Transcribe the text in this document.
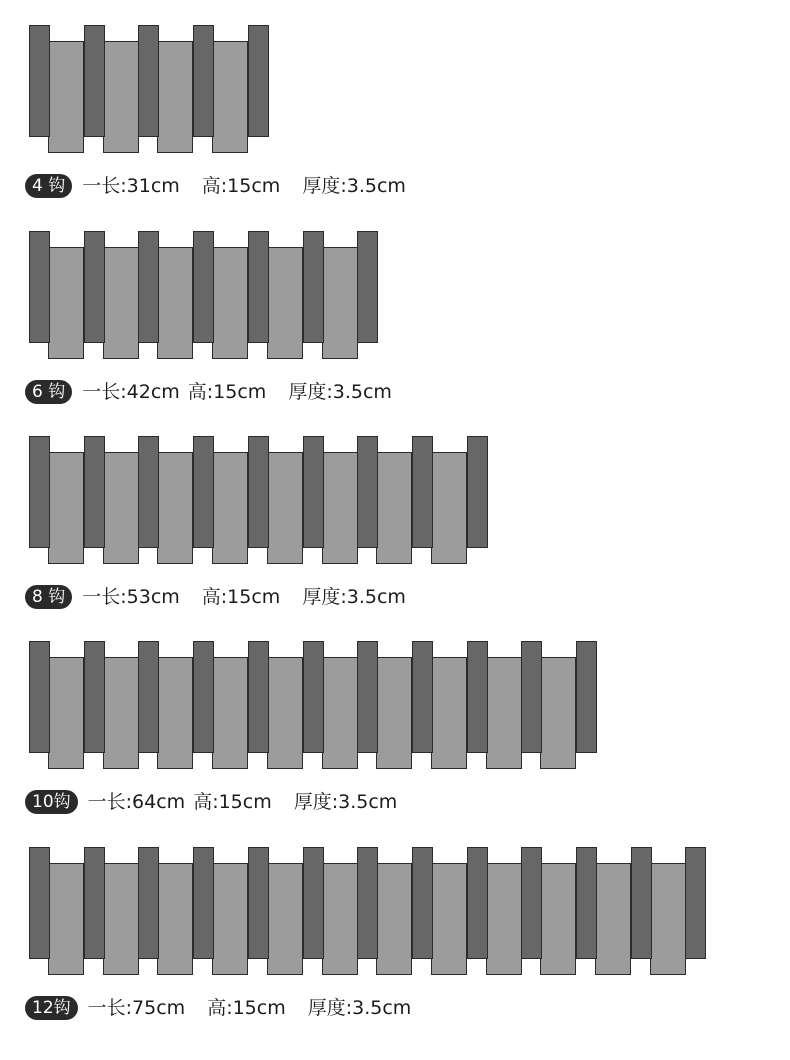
4 钩 一长:31cm 高:15cm 厚度:3.5cm
6 钩 一长:42cm 高:15cm 厚度:3.5cm
8 钩 一长:53cm 高:15cm 厚度:3.5cm
10钩 一长:64cm 高:15cm 厚度:3.5cm
12钩 一长:75cm 高:15cm 厚度:3.5cm
